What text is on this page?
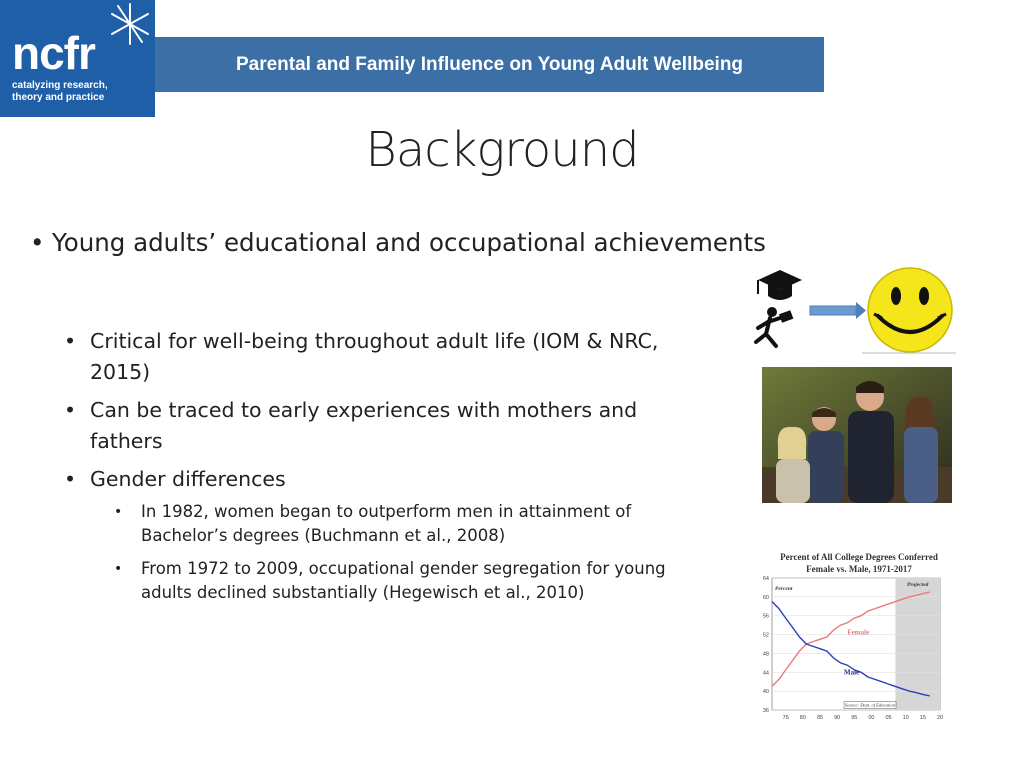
ncfr
catalyzing research,
theory and practice
Parental and Family Influence on Young Adult Wellbeing
Background
• Young adults’ educational and occupational achievements
• Critical for well-being throughout adult life (IOM & NRC, 2015)
• Can be traced to early experiences with mothers and fathers
• Gender differences
• In 1982, women began to outperform men in attainment of Bachelor’s degrees (Buchmann et al., 2008)
• From 1972 to 2009, occupational gender segregation for young adults declined substantially (Hegewisch et al., 2010)
Percent of All College Degrees Conferred
Female vs. Male, 1971-2017
Projected
64
60
56
52
48
44
40
36
75 80 85 90 95 00 05 10 15 20
Percent
Female
Male
Source: Dept. of Education
